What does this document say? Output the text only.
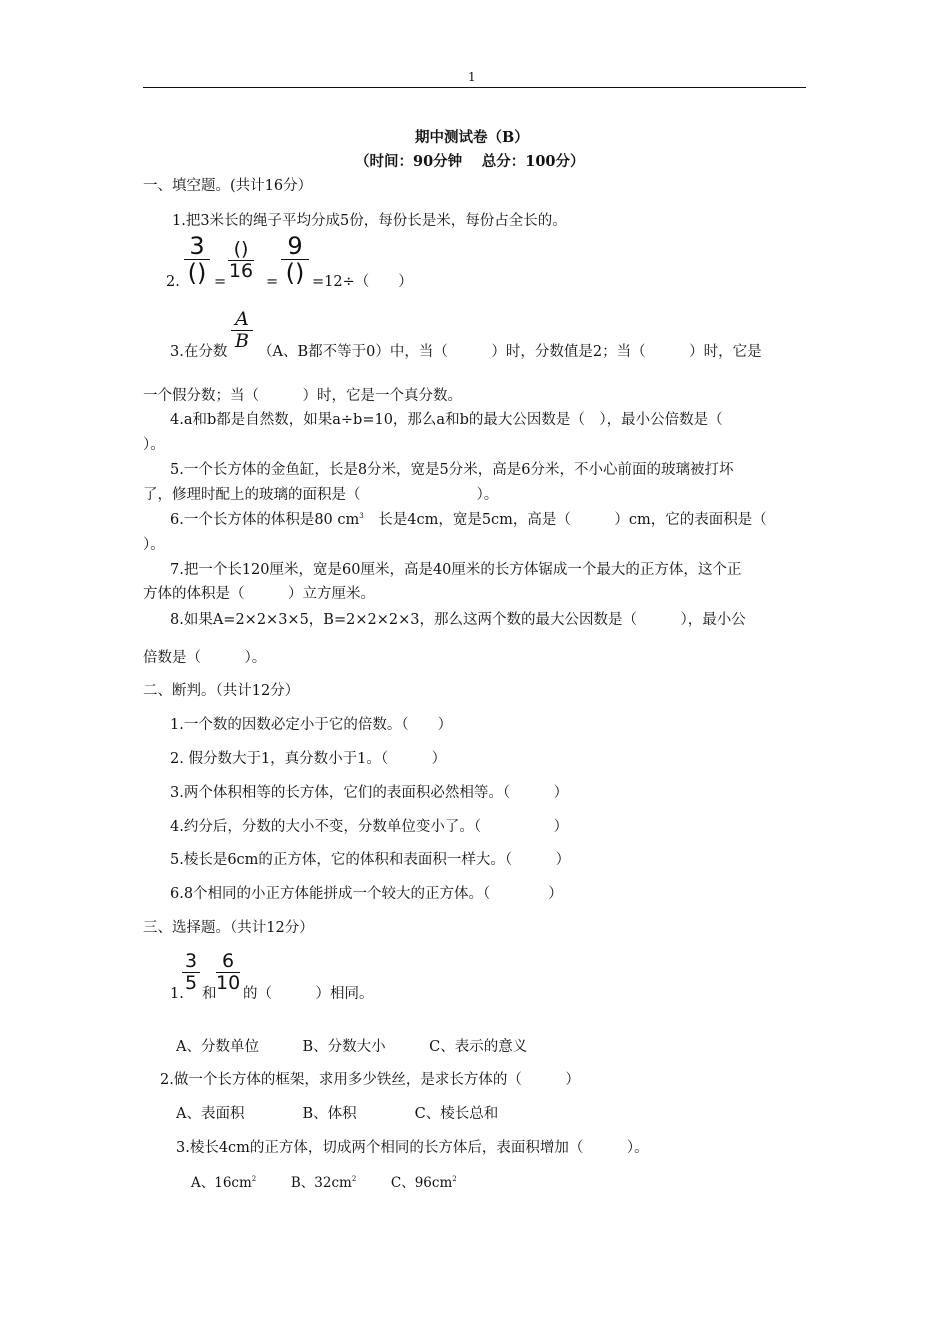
1
期中测试卷（B）
（时间：90分钟　 总分：100分）
一、填空题。(共计16分）
1.把3米长的绳子平均分成5份，每份长是米，每份占全长的。
2.
3
() =
()
16 =
9
() =12÷（　　）
3.在分数
A
B （A、B都不等于0）中，当（　　　）时，分数值是2；当（　　　）时，它是
一个假分数；当（　　　）时，它是一个真分数。
4.a和b都是自然数，如果a÷b=10，那么a和b的最大公因数是（　），最小公倍数是（
）。
5.一个长方体的金鱼缸，长是8分米，宽是5分米，高是6分米，不小心前面的玻璃被打坏
了，修理时配上的玻璃的面积是（　　　　　　　　）。
6.一个长方体的体积是80 $cm^3$　长是4cm，宽是5cm，高是（　　　）cm，它的表面积是（
）。
7.把一个长120厘米，宽是60厘米，高是40厘米的长方体锯成一个最大的正方体，这个正
方体的体积是（　　　）立方厘米。
8.如果A=2×2×3×5，B=2×2×2×3，那么这两个数的最大公因数是（　　　），最小公
倍数是（　　　）。
二、断判。（共计12分）
1.一个数的因数必定小于它的倍数。（　　）
2. 假分数大于1，真分数小于1。（　　　）
3.两个体积相等的长方体，它们的表面积必然相等。（　　　）
4.约分后，分数的大小不变，分数单位变小了。（　　　　　）
5.棱长是6cm的正方体，它的体积和表面积一样大。（　　　）
6.8个相同的小正方体能拼成一个较大的正方体。（　　　　）
三、选择题。（共计12分）
1.
3
5 和
6
10 的（　　　）相同。
A、分数单位　　　B、分数大小　　　C、表示的意义
2.做一个长方体的框架，求用多少铁丝，是求长方体的（　　　）
A、表面积　　　　B、体积　　　　C、棱长总和
3.棱长4cm的正方体，切成两个相同的长方体后，表面积增加（　　　）。
A、$16cm^2$	B、$32cm^2$	C、$96cm^2$
